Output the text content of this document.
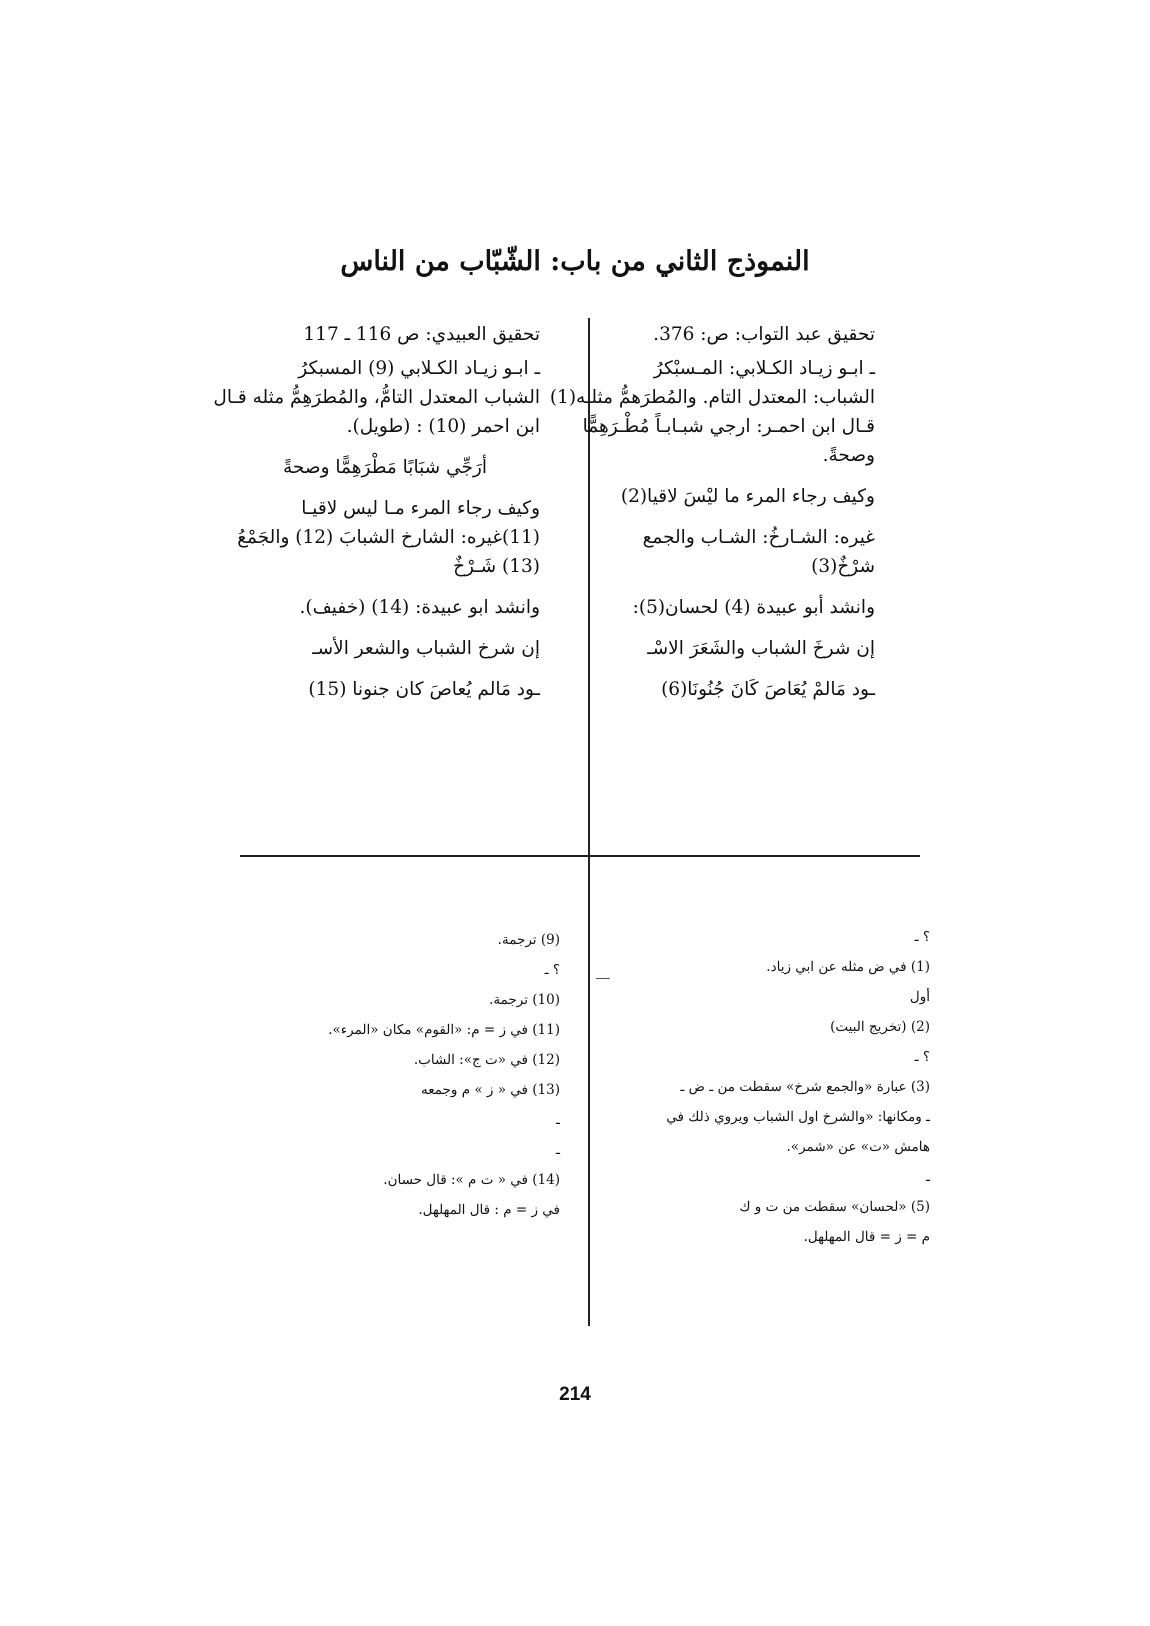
النموذج الثاني من باب: الشّبّاب من الناس
تحقيق عبد التواب: ص: 376.
ـ ابـو زيـاد الكـلابي: المـسبْكرُ
الشباب: المعتدل التام. والمُطرَهمُّ مثلـه(1)
قـال ابن احمـر: ارجي شبـابـاً مُطْـرَهِمًّا
وصحةً.
وكيف رجاء المرء ما ليْسَ لاقيا(2)
غيره: الشـارخُ: الشـاب والجمع
شرْخٌ(3)
وانشد أبو عبيدة (4) لحسان(5):
إن شرخَ الشباب والشَعَرَ الاسْـ
ـود مَالمْ يُعَاصَ كَانَ جُنُونَا(6)
تحقيق العبيدي: ص 116 ـ 117
ـ ابـو زيـاد الكـلابي (9) المسبكرُ
الشباب المعتدل التامُّ، والمُطرَهِمُّ مثله قـال
ابن احمر (10) : (طويل).
أرَجِّي شبَابًا مَطْرَهِمًّا وصحةً
وكيف رجاء المرء مـا ليس لاقيـا
(11)غيره: الشارخ الشبابَ (12) والجَمْعُ
(13) شَـرْخٌ
وانشد ابو عبيدة: (14) (خفيف).
إن شرخ الشباب والشعر الأسـ
ـود مَالم يُعاصَ كان جنونا (15)
؟ ـ
(1) في ض مثله عن ابي زياد.
أول
(2) (تخريج البيت)
؟ ـ
(3) عبارة «والجمع شرخ» سقطت من ـ ض ـ
ـ ومكانها: «والشرخ اول الشباب ويروي ذلك في
هامش «ت» عن «شمر».
ـ
(5) «لحسان» سقطت من ت و ك
م = ز = قال المهلهل.
(9) ترجمة.
؟ ـ
(10) ترجمة.
(11) في ز = م: «القوم» مكان «المرء».
(12) في «ت ج»: الشاب.
(13) في « ز » م وجمعه
ـ
ـ
(14) في « ت م »: قال حسان.
في ز = م : قال المهلهل.
214
